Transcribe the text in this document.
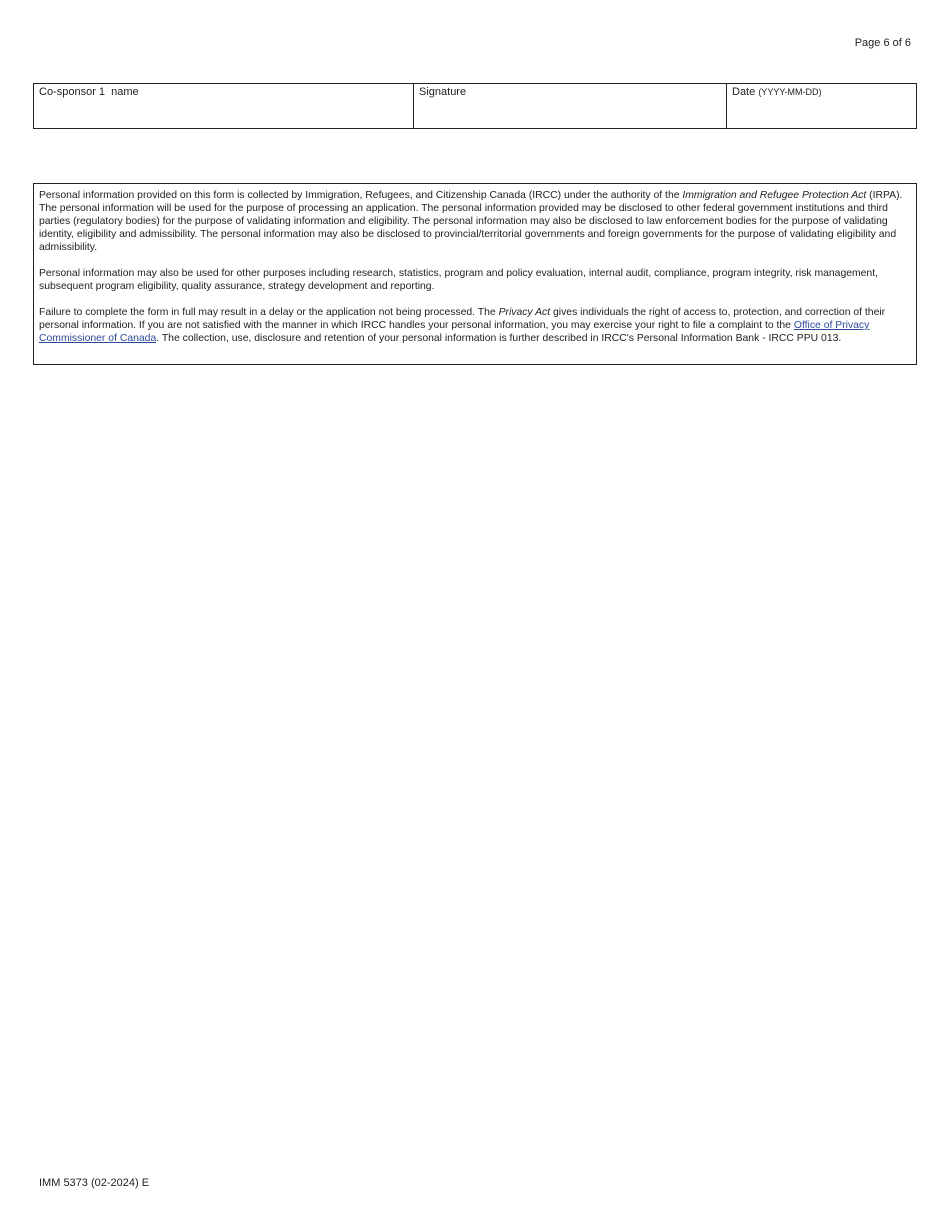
Page 6 of 6
Co-sponsor 1  name	Signature	Date (YYYY-MM-DD)

Personal information provided on this form is collected by Immigration, Refugees, and Citizenship Canada (IRCC) under the authority of the Immigration and Refugee Protection Act (IRPA). The personal information will be used for the purpose of processing an application. The personal information provided may be disclosed to other federal government institutions and third parties (regulatory bodies) for the purpose of validating information and eligibility. The personal information may also be disclosed to law enforcement bodies for the purpose of validating identity, eligibility and admissibility. The personal information may also be disclosed to provincial/territorial governments and foreign governments for the purpose of validating eligibility and admissibility.

Personal information may also be used for other purposes including research, statistics, program and policy evaluation, internal audit, compliance, program integrity, risk management, subsequent program eligibility, quality assurance, strategy development and reporting.

Failure to complete the form in full may result in a delay or the application not being processed. The Privacy Act gives individuals the right of access to, protection, and correction of their personal information. If you are not satisfied with the manner in which IRCC handles your personal information, you may exercise your right to file a complaint to the Office of Privacy Commissioner of Canada. The collection, use, disclosure and retention of your personal information is further described in IRCC's Personal Information Bank - IRCC PPU 013.

IMM 5373 (02-2024) E
